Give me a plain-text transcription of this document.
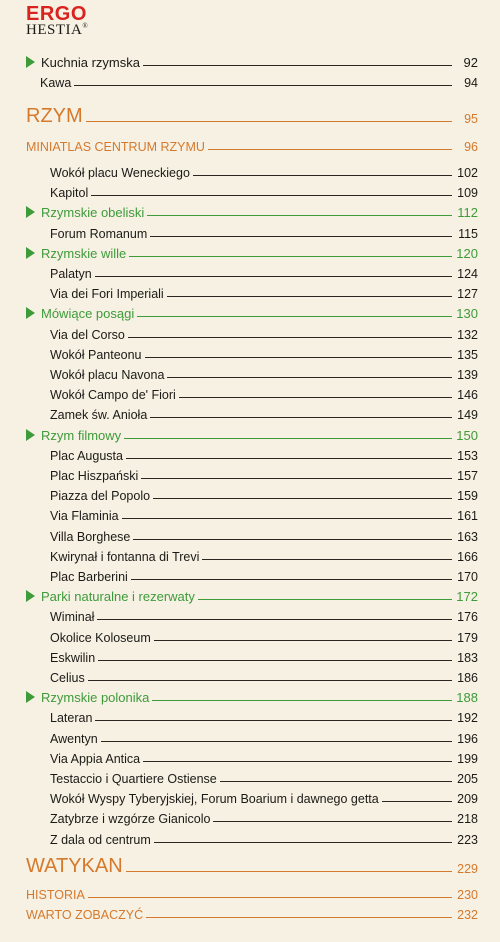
ERGO
HESTIA®
Kuchnia rzymska	92
Kawa	94
RZYM	95
MINIATLAS CENTRUM RZYMU	96
Wokół placu Weneckiego	102
Kapitol	109
Rzymskie obeliski	112
Forum Romanum	115
Rzymskie wille	120
Palatyn	124
Via dei Fori Imperiali	127
Mówiące posągi	130
Via del Corso	132
Wokół Panteonu	135
Wokół placu Navona	139
Wokół Campo de' Fiori	146
Zamek św. Anioła	149
Rzym filmowy	150
Plac Augusta	153
Plac Hiszpański	157
Piazza del Popolo	159
Via Flaminia	161
Villa Borghese	163
Kwirynał i fontanna di Trevi	166
Plac Barberini	170
Parki naturalne i rezerwaty	172
Wiminał	176
Okolice Koloseum	179
Eskwilin	183
Celius	186
Rzymskie polonika	188
Lateran	192
Awentyn	196
Via Appia Antica	199
Testaccio i Quartiere Ostiense	205
Wokół Wyspy Tyberyjskiej, Forum Boarium i dawnego getta	209
Zatybrze i wzgórze Gianicolo	218
Z dala od centrum	223
WATYKAN	229
HISTORIA	230
WARTO ZOBACZYĆ	232
